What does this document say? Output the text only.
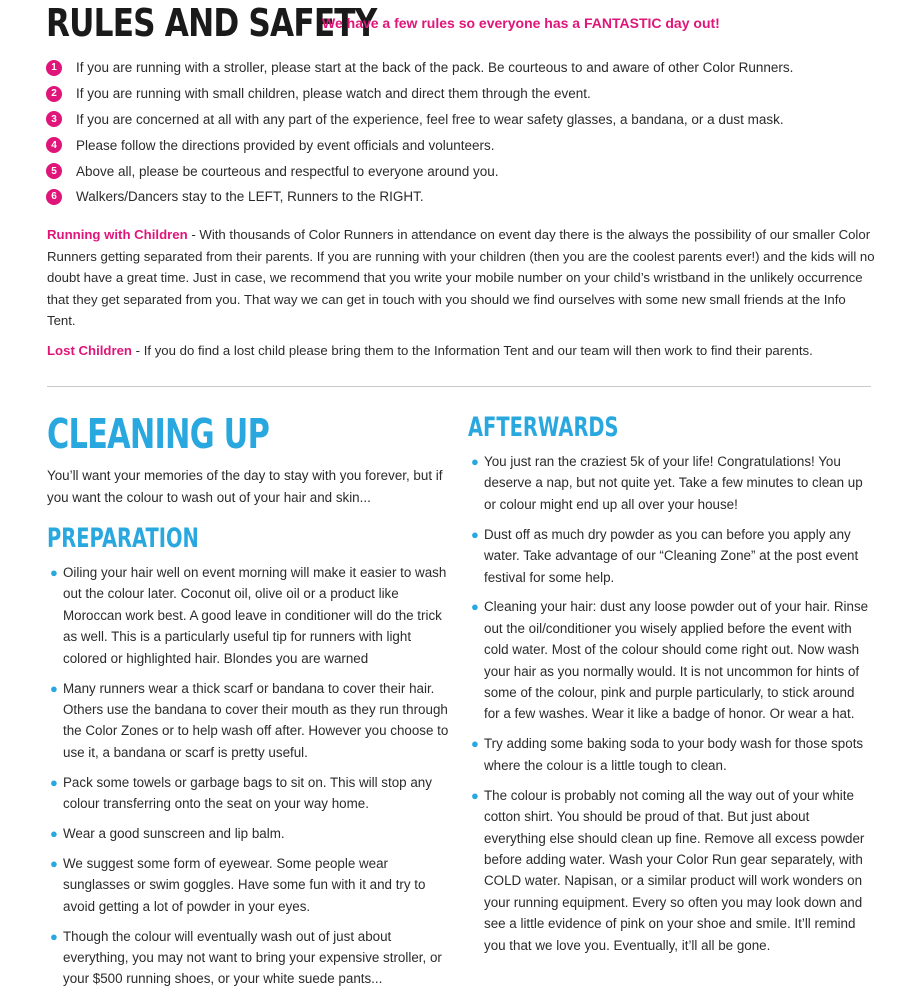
RULES AND SAFETY
We have a few rules so everyone has a FANTASTIC day out!
1	If you are running with a stroller, please start at the back of the pack. Be courteous to and aware of other Color Runners.
2	If you are running with small children, please watch and direct them through the event.
3	If you are concerned at all with any part of the experience, feel free to wear safety glasses, a bandana, or a dust mask.
4	Please follow the directions provided by event officials and volunteers.
5	Above all, please be courteous and respectful to everyone around you.
6	Walkers/Dancers stay to the LEFT, Runners to the RIGHT.

Running with Children - With thousands of Color Runners in attendance on event day there is the always the possibility of our smaller Color Runners getting separated from their parents. If you are running with your children (then you are the coolest parents ever!) and the kids will no doubt have a great time. Just in case, we recommend that you write your mobile number on your child’s wristband in the unlikely occurrence that they get separated from you. That way we can get in touch with you should we find ourselves with some new small friends at the Info Tent.

Lost Children - If you do find a lost child please bring them to the Information Tent and our team will then work to find their parents.

CLEANING UP

You’ll want your memories of the day to stay with you forever, but if you want the colour to wash out of your hair and skin...

PREPARATION
● Oiling your hair well on event morning will make it easier to wash out the colour later. Coconut oil, olive oil or a product like Moroccan work best. A good leave in conditioner will do the trick as well. This is a particularly useful tip for runners with light colored or highlighted hair. Blondes you are warned
● Many runners wear a thick scarf or bandana to cover their hair. Others use the bandana to cover their mouth as they run through the Color Zones or to help wash off after. However you choose to use it, a bandana or scarf is pretty useful.
● Pack some towels or garbage bags to sit on. This will stop any colour transferring onto the seat on your way home.
● Wear a good sunscreen and lip balm.
● We suggest some form of eyewear. Some people wear sunglasses or swim goggles. Have some fun with it and try to avoid getting a lot of powder in your eyes.
● Though the colour will eventually wash out of just about everything, you may not want to bring your expensive stroller, or your $500 running shoes, or your white suede pants...
AFTERWARDS
● You just ran the craziest 5k of your life! Congratulations! You deserve a nap, but not quite yet. Take a few minutes to clean up or colour might end up all over your house!
● Dust off as much dry powder as you can before you apply any water. Take advantage of our “Cleaning Zone” at the post event festival for some help.
● Cleaning your hair: dust any loose powder out of your hair. Rinse out the oil/conditioner you wisely applied before the event with cold water. Most of the colour should come right out. Now wash your hair as you normally would. It is not uncommon for hints of some of the colour, pink and purple particularly, to stick around for a few washes. Wear it like a badge of honor. Or wear a hat.
● Try adding some baking soda to your body wash for those spots where the colour is a little tough to clean.
● The colour is probably not coming all the way out of your white cotton shirt. You should be proud of that. But just about everything else should clean up fine. Remove all excess powder before adding water. Wash your Color Run gear separately, with COLD water. Napisan, or a similar product will work wonders on your running equipment. Every so often you may look down and see a little evidence of pink on your shoe and smile. It’ll remind you that we love you. Eventually, it’ll all be gone.
